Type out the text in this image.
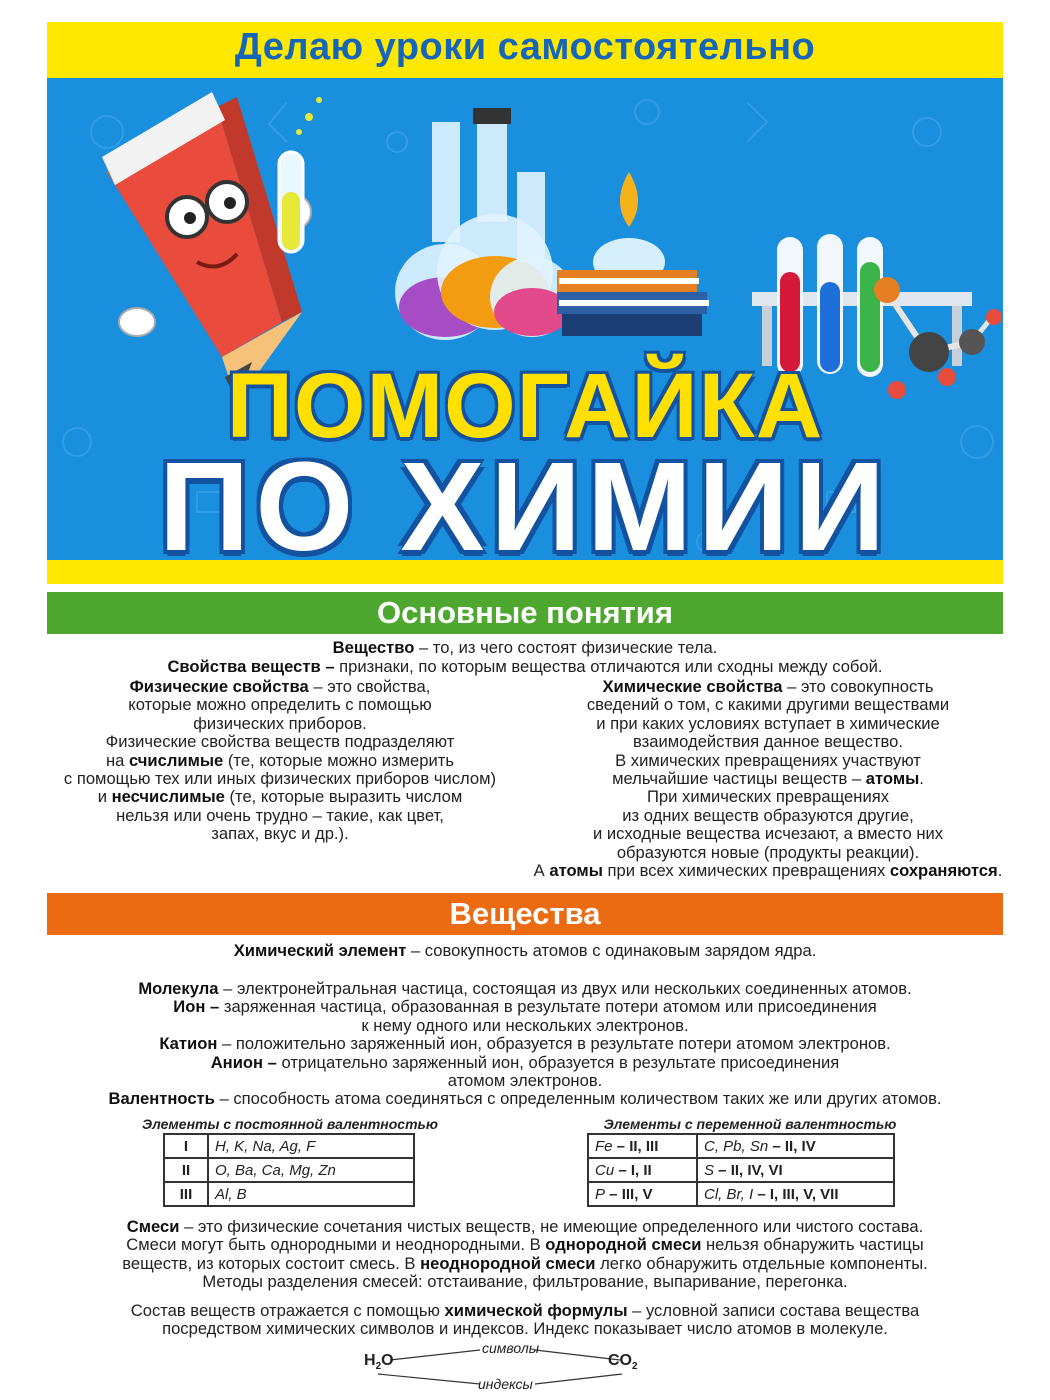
Делаю уроки самостоятельно
ПОМОГАЙКА
ПО ХИМИИ
Основные понятия
Вещество – то, из чего состоят физические тела.
Свойства веществ – признаки, по которым вещества отличаются или сходны между собой.
Физические свойства – это свойства,
которые можно определить с помощью
физических приборов.
Физические свойства веществ подразделяют
на счислимые (те, которые можно измерить
с помощью тех или иных физических приборов числом)
и несчислимые (те, которые выразить числом
нельзя или очень трудно – такие, как цвет,
запах, вкус и др.).
Химические свойства – это совокупность
сведений о том, с какими другими веществами
и при каких условиях вступает в химические
взаимодействия данное вещество.
В химических превращениях участвуют
мельчайшие частицы веществ – атомы.
При химических превращениях
из одних веществ образуются другие,
и исходные вещества исчезают, а вместо них
образуются новые (продукты реакции).
А атомы при всех химических превращениях сохраняются.
Вещества
Химический элемент – совокупность атомов с одинаковым зарядом ядра.
Молекула – электронейтральная частица, состоящая из двух или нескольких соединенных атомов.
Ион – заряженная частица, образованная в результате потери атомом или присоединения
к нему одного или нескольких электронов.
Катион – положительно заряженный ион, образуется в результате потери атомом электронов.
Анион – отрицательно заряженный ион, образуется в результате присоединения
атомом электронов.
Валентность – способность атома соединяться с определенным количеством таких же или других атомов.
Элементы с постоянной валентностью	Элементы с переменной валентностью
I	H, K, Na, Ag, F
II	O, Ba, Ca, Mg, Zn
III	Al, B
Fe – II, III	C, Pb, Sn – II, IV
Cu – I, II	S – II, IV, VI
P – III, V	Cl, Br, I – I, III, V, VII
Смеси – это физические сочетания чистых веществ, не имеющие определенного или чистого состава.
Смеси могут быть однородными и неоднородными. В однородной смеси нельзя обнаружить частицы
веществ, из которых состоит смесь. В неоднородной смеси легко обнаружить отдельные компоненты.
Методы разделения смесей: отстаивание, фильтрование, выпаривание, перегонка.
Состав веществ отражается с помощью химической формулы – условной записи состава вещества
посредством химических символов и индексов. Индекс показывает число атомов в молекуле.
$H_2O$	$CO_2$
символы
индексы
